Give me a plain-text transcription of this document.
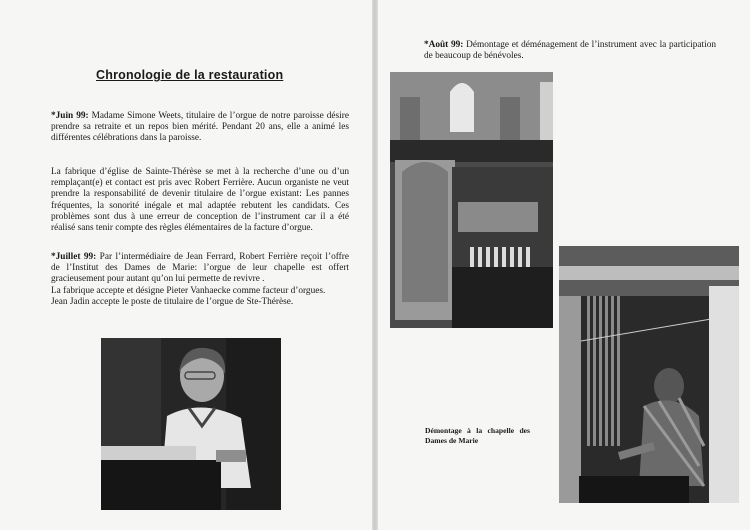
Chronologie de la restauration
*Juin 99: Madame Simone Weets, titulaire de l’orgue de notre paroisse désire prendre sa retraite et un repos bien mérité. Pendant 20 ans, elle a animé les différentes célébrations dans la paroisse.
La fabrique d’église de Sainte-Thérèse se met à la recherche d’une ou d’un remplaçant(e) et contact est pris avec Robert Ferrière. Aucun organiste ne veut prendre la responsabilité de devenir titulaire de l’orgue existant: Les pannes fréquentes, la sonorité inégale et mal adaptée rebutent les candidats. Ces problèmes sont dus à une erreur de conception de l’instrument car il a été réalisé sans tenir compte des règles élémentaires de la facture d’orgue.
*Juillet 99: Par l’intermédiaire de Jean Ferrard, Robert Ferrière reçoit l’offre de l’Institut des Dames de Marie: l’orgue de leur chapelle est offert gracieusement pour autant qu’on lui permette de revivre .
La fabrique accepte et désigne Pieter Vanhaecke comme facteur d’orgues.
Jean Jadin accepte le poste de titulaire de l’orgue de Ste-Thérèse.
*Août 99: Démontage et déménagement de l’instrument avec la participation de beaucoup de bénévoles.
Démontage à la chapelle des Dames de Marie
